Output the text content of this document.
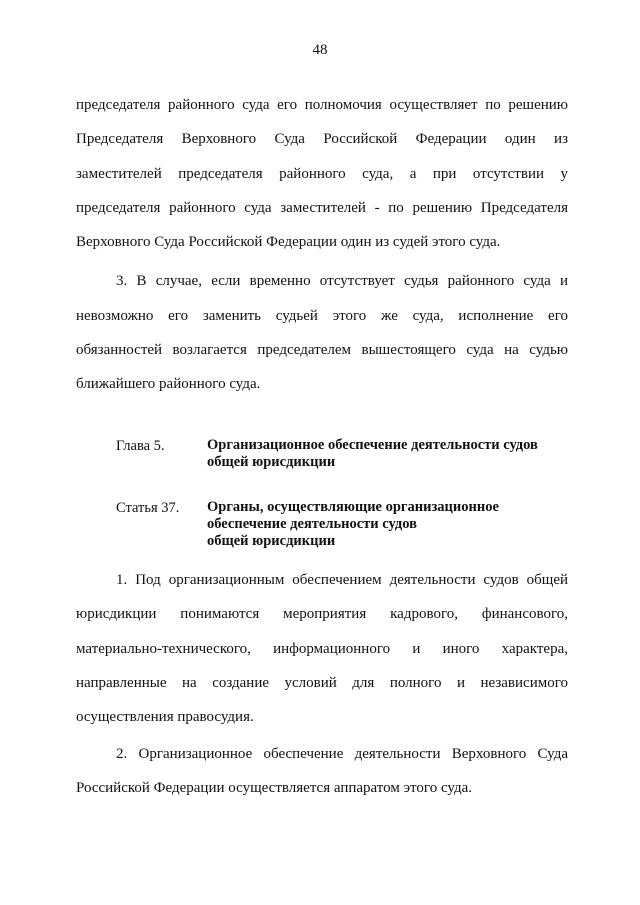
48
председателя районного суда его полномочия осуществляет по решению
Председателя Верховного Суда Российской Федерации один из
заместителей председателя районного суда, а при отсутствии у
председателя районного суда заместителей - по решению Председателя
Верховного Суда Российской Федерации один из судей этого суда.
3. В случае, если временно отсутствует судья районного суда и
невозможно его заменить судьей этого же суда, исполнение его
обязанностей возлагается председателем вышестоящего суда на судью
ближайшего районного суда.
Глава 5.	Организационное обеспечение деятельности судов
общей юрисдикции
Статья 37. Органы, осуществляющие организационное
обеспечение деятельности судов
общей юрисдикции
1. Под организационным обеспечением деятельности судов общей
юрисдикции понимаются мероприятия кадрового, финансового,
материально-технического, информационного и иного характера,
направленные на создание условий для полного и независимого
осуществления правосудия.
2. Организационное обеспечение деятельности Верховного Суда
Российской Федерации осуществляется аппаратом этого суда.
